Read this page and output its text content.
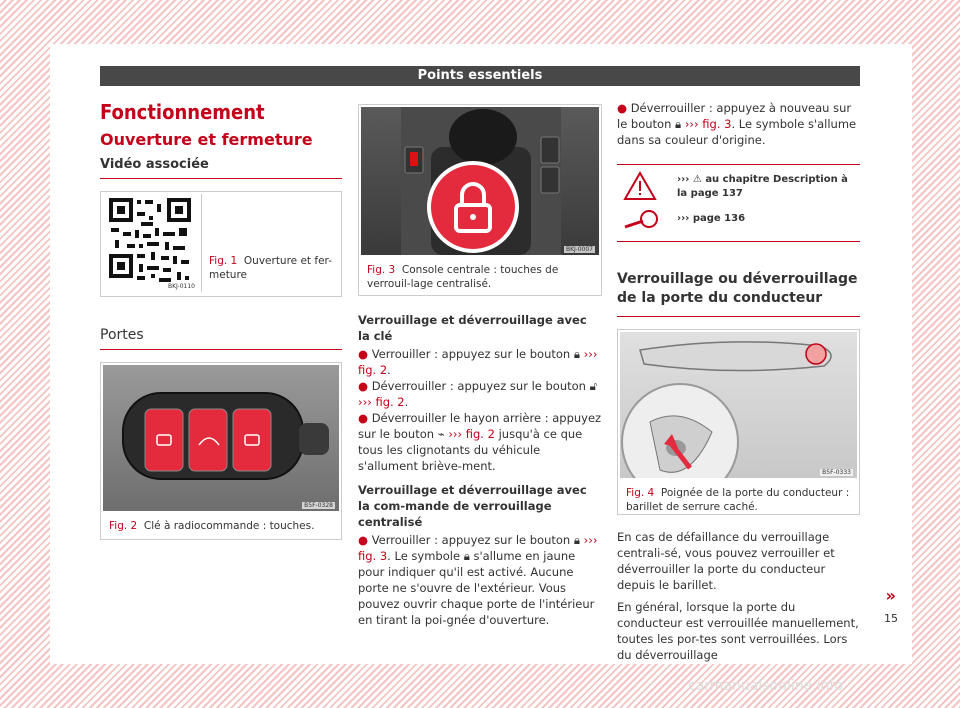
Points essentiels
Fonctionnement
Ouverture et fermeture
Vidéo associée
BKJ-0110
Fig. 1 Ouverture et fer-meture
Portes
B5F-0328
Fig. 2 Clé à radiocommande : touches.
BKJ-0007
Fig. 3 Console centrale : touches de verrouil-lage centralisé.
Verrouillage et déverrouillage avec la clé
● Verrouiller : appuyez sur le bouton 🔒︎ ››› fig. 2.
● Déverrouiller : appuyez sur le bouton 🔓︎ ››› fig. 2.
● Déverrouiller le hayon arrière : appuyez sur le bouton ⌁ ››› fig. 2 jusqu'à ce que tous les clignotants du véhicule s'allument briève-ment.
Verrouillage et déverrouillage avec la com-mande de verrouillage centralisé
● Verrouiller : appuyez sur le bouton 🔒︎ ››› fig. 3. Le symbole 🔒︎ s'allume en jaune pour indiquer qu'il est activé. Aucune porte ne s'ouvre de l'extérieur. Vous pouvez ouvrir chaque porte de l'intérieur en tirant la poi-gnée d'ouverture.
● Déverrouiller : appuyez à nouveau sur le bouton 🔒︎ ››› fig. 3. Le symbole s'allume dans sa couleur d'origine.
››› ⚠ au chapitre Description à la page 137
››› page 136
Verrouillage ou déverrouillage de la porte du conducteur
B5F-0333
Fig. 4 Poignée de la porte du conducteur : barillet de serrure caché.
En cas de défaillance du verrouillage centrali-sé, vous pouvez verrouiller et déverrouiller la porte du conducteur depuis le barillet.
En général, lorsque la porte du conducteur est verrouillée manuellement, toutes les por-tes sont verrouillées. Lors du déverrouillage
»
15
carmanualsonline.info
